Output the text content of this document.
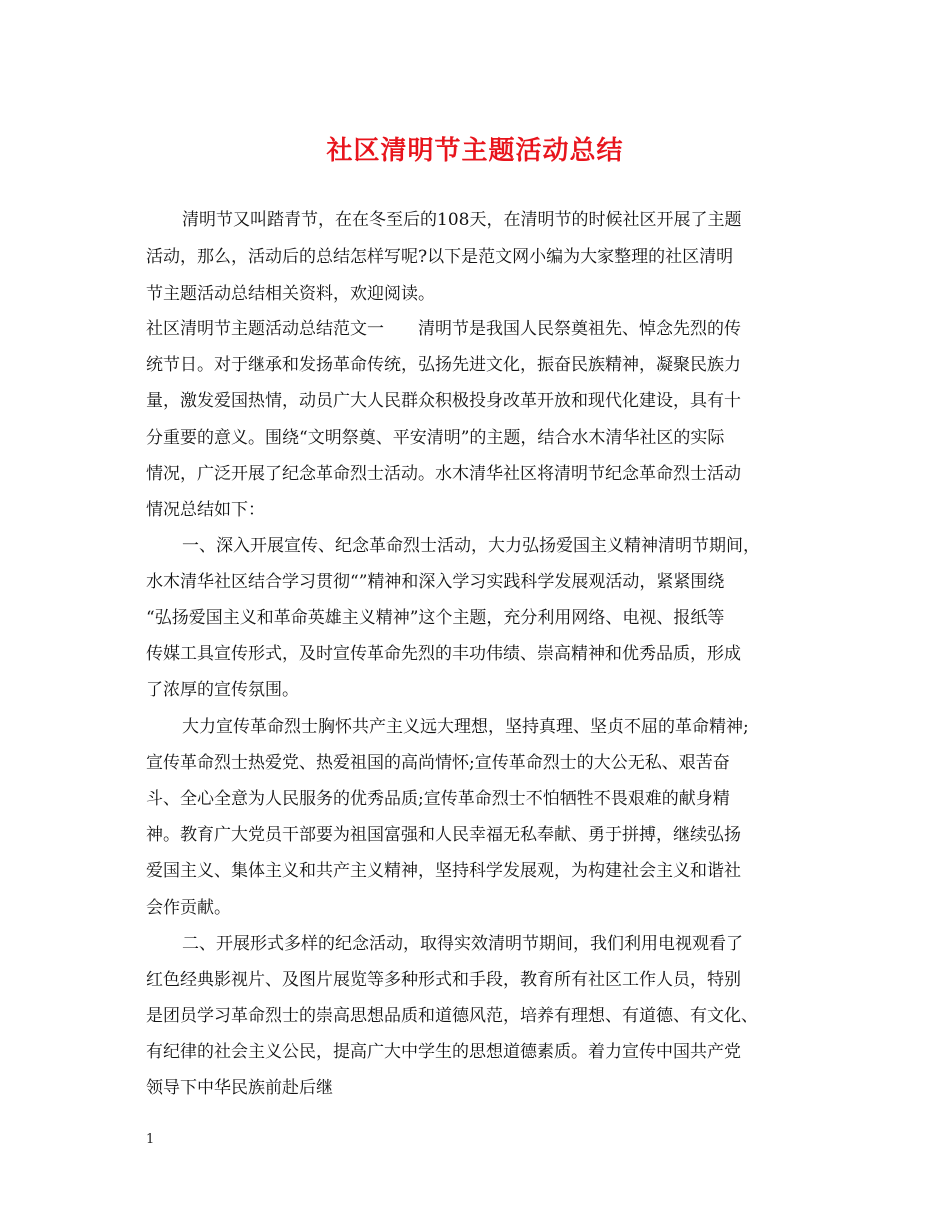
社区清明节主题活动总结
清明节又叫踏青节，在在冬至后的108天，在清明节的时候社区开展了主题
活动，那么，活动后的总结怎样写呢?以下是范文网小编为大家整理的社区清明
节主题活动总结相关资料，欢迎阅读。
社区清明节主题活动总结范文一　　清明节是我国人民祭奠祖先、悼念先烈的传
统节日。对于继承和发扬革命传统，弘扬先进文化，振奋民族精神，凝聚民族力
量，激发爱国热情，动员广大人民群众积极投身改革开放和现代化建设，具有十
分重要的意义。围绕“文明祭奠、平安清明”的主题，结合水木清华社区的实际
情况，广泛开展了纪念革命烈士活动。水木清华社区将清明节纪念革命烈士活动
情况总结如下：
一、深入开展宣传、纪念革命烈士活动，大力弘扬爱国主义精神清明节期间，
水木清华社区结合学习贯彻“”精神和深入学习实践科学发展观活动，紧紧围绕
“弘扬爱国主义和革命英雄主义精神”这个主题，充分利用网络、电视、报纸等
传媒工具宣传形式，及时宣传革命先烈的丰功伟绩、崇高精神和优秀品质，形成
了浓厚的宣传氛围。
大力宣传革命烈士胸怀共产主义远大理想，坚持真理、坚贞不屈的革命精神;
宣传革命烈士热爱党、热爱祖国的高尚情怀;宣传革命烈士的大公无私、艰苦奋
斗、全心全意为人民服务的优秀品质;宣传革命烈士不怕牺牲不畏艰难的献身精
神。教育广大党员干部要为祖国富强和人民幸福无私奉献、勇于拼搏，继续弘扬
爱国主义、集体主义和共产主义精神，坚持科学发展观，为构建社会主义和谐社
会作贡献。
二、开展形式多样的纪念活动，取得实效清明节期间，我们利用电视观看了
红色经典影视片、及图片展览等多种形式和手段，教育所有社区工作人员，特别
是团员学习革命烈士的崇高思想品质和道德风范，培养有理想、有道德、有文化、
有纪律的社会主义公民，提高广大中学生的思想道德素质。着力宣传中国共产党
领导下中华民族前赴后继
1
